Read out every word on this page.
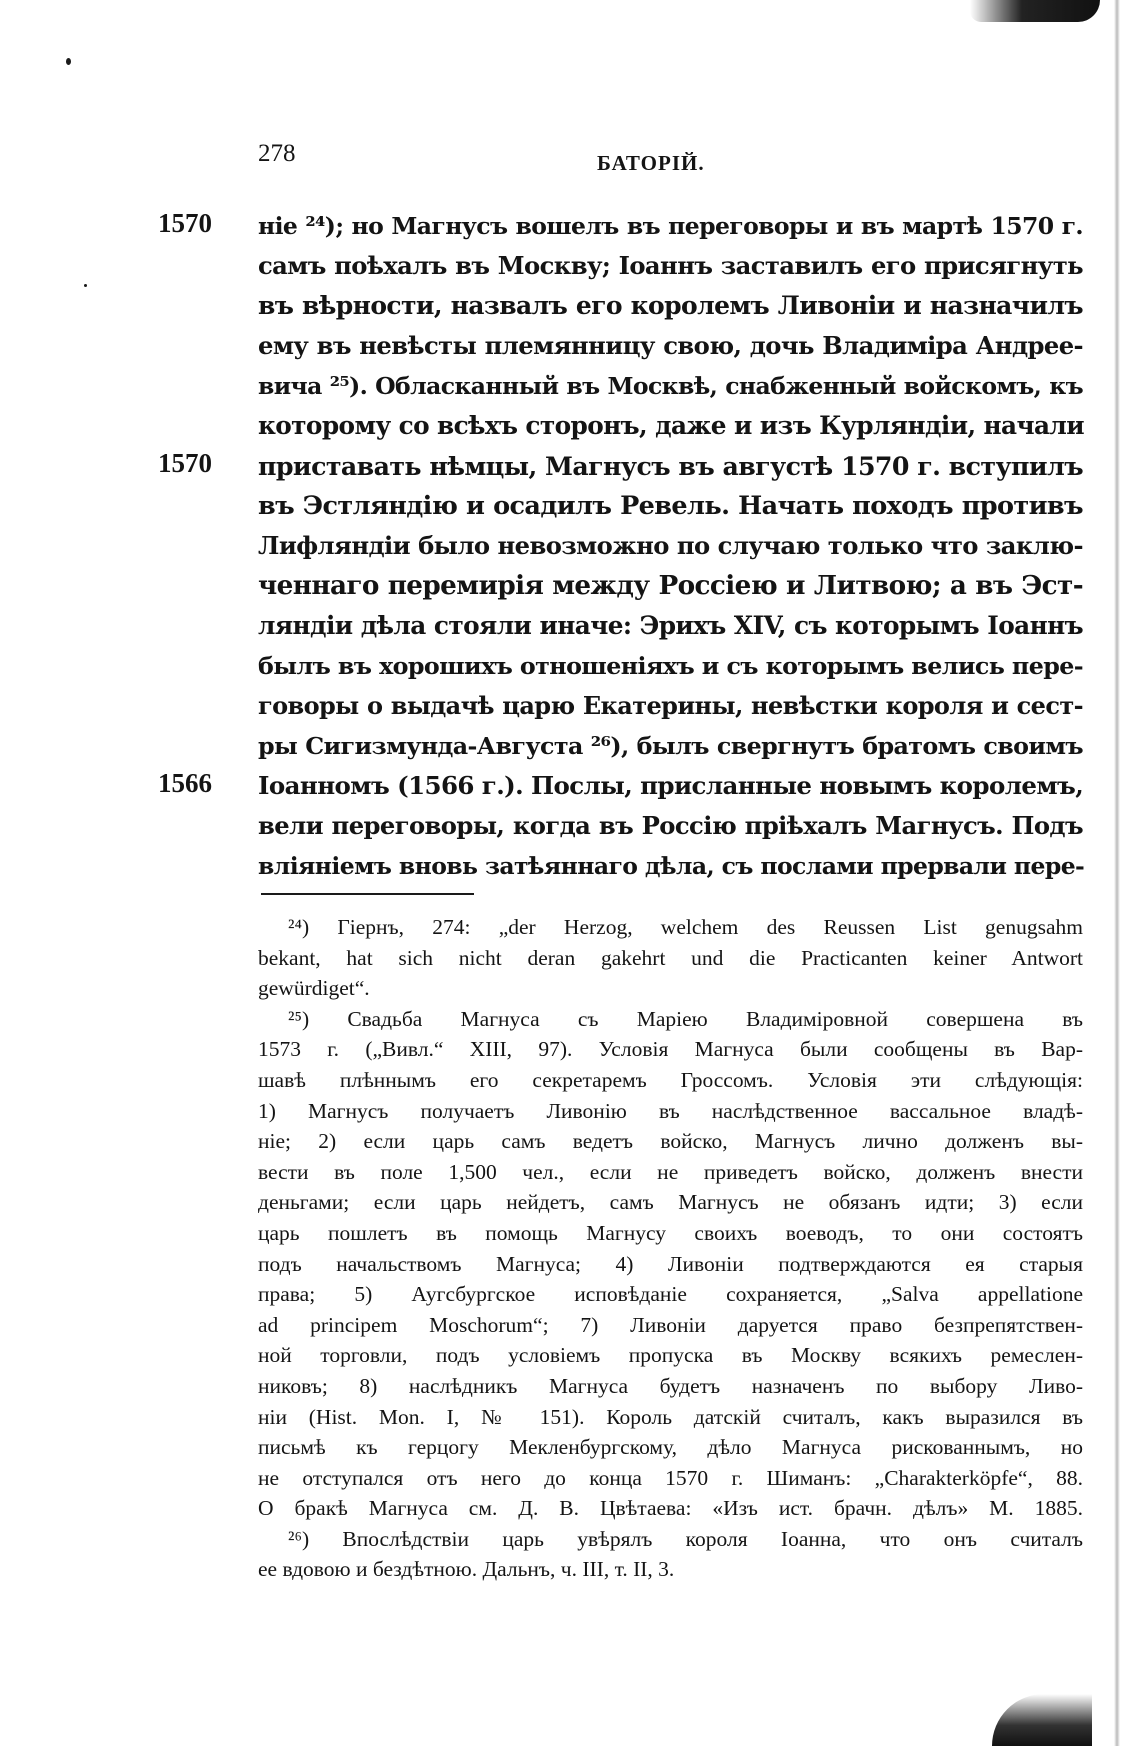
278	БАТОРІЙ.
1570
1570
1566
ніе ²⁴); но Магнусъ вошелъ въ переговоры и въ мартѣ 1570 г.
самъ поѣхалъ въ Москву; Іоаннъ заставилъ его присягнуть
въ вѣрности, назвалъ его королемъ Ливоніи и назначилъ
ему въ невѣсты племянницу свою, дочь Владиміра Андрее-
вича ²⁵). Обласканный въ Москвѣ, снабженный войскомъ, къ
которому со всѣхъ сторонъ, даже и изъ Курляндіи, начали
приставать нѣмцы, Магнусъ въ августѣ 1570 г. вступилъ
въ Эстляндію и осадилъ Ревель. Начать походъ противъ
Лифляндіи было невозможно по случаю только что заклю-
ченнаго перемирія между Россіею и Литвою; а въ Эст-
ляндіи дѣла стояли иначе: Эрихъ XIV, съ которымъ Іоаннъ
былъ въ хорошихъ отношеніяхъ и съ которымъ велись пере-
говоры о выдачѣ царю Екатерины, невѣстки короля и сест-
ры Сигизмунда-Августа ²⁶), былъ свергнутъ братомъ своимъ
Іоанномъ (1566 г.). Послы, присланные новымъ королемъ,
вели переговоры, когда въ Россію пріѣхалъ Магнусъ. Подъ
вліяніемъ вновь затѣяннаго дѣла, съ послами прервали пере-
²⁴) Гіернъ, 274: „der Herzog, welchem des Reussen List genugsahm
bekant, hat sich nicht deran gakehrt und die Practicanten keiner Antwort
gewürdiget“.
²⁵) Свадьба Магнуса съ Маріею Владиміровной совершена въ
1573 г. („Вивл.“ XIII, 97). Условія Магнуса были сообщены въ Вар-
шавѣ плѣннымъ его секретаремъ Гроссомъ. Условія эти слѣдующія:
1) Магнусъ получаетъ Ливонію въ наслѣдственное вассальное владѣ-
ніе; 2) если царь самъ ведетъ войско, Магнусъ лично долженъ вы-
вести въ поле 1,500 чел., если не приведетъ войско, долженъ внести
деньгами; если царь нейдетъ, самъ Магнусъ не обязанъ идти; 3) если
царь пошлетъ въ помощь Магнусу своихъ воеводъ, то они состоятъ
подъ начальствомъ Магнуса; 4) Ливоніи подтверждаются ея старыя
права; 5) Аугсбургское исповѣданіе сохраняется, „Salva appellatione
ad principem Moschorum“; 7) Ливоніи даруется право безпрепятствен-
ной торговли, подъ условіемъ пропуска въ Москву всякихъ ремеслен-
никовъ; 8) наслѣдникъ Магнуса будетъ назначенъ по выбору Ливо-
ніи (Hist. Mon. I, № 151). Король датскій считалъ, какъ выразился въ
письмѣ къ герцогу Мекленбургскому, дѣло Магнуса рискованнымъ, но
не отступался отъ него до конца 1570 г. Шиманъ: „Charakterköpfe“, 88.
О бракѣ Магнуса см. Д. В. Цвѣтаева: «Изъ ист. брачн. дѣлъ» М. 1885.
²⁶) Впослѣдствіи царь увѣрялъ короля Іоанна, что онъ считалъ
ее вдовою и бездѣтною. Дальнъ, ч. III, т. II, 3.
